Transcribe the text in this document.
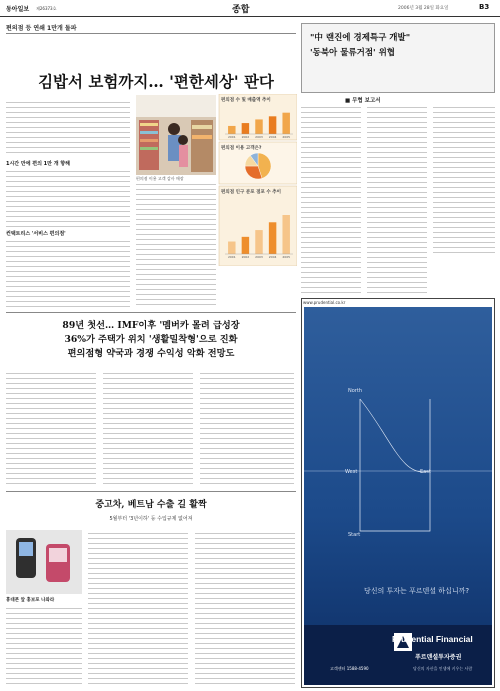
동아일보 제26373호	종합	2006년 3월 28일 화요일	B3
편의점 등 연쇄 1만개 돌파
김밥서 보험까지… '편한세상' 판다
1시간 만에 편의 1만 개 향해
컨택트리스 '서비스 편의점'
편의점 이용 고객 감사 매장
편의점 수 및 매출액 추이
2001 2002 2003 2004 2005
편의점 이용 고객은?
편의점 인구 분포 점포 수 추이
2001 2002 2003 2004 2005
"中 랜진에 경제특구 개발"
'동북아 물류거점' 위협
■ 무협 보고서
89년 첫선… IMF이후 '멤버카 몰려 급성장
36%가 주택가 위치 '생활밀착형'으로 진화
편의점형 약국과 경쟁 수익성 악화 전망도
중고차, 베트남 수출 길 활짝
5월부터 '3년이하' 등 수입규제 없어져
휴대폰 앞 홍보포 나와라
www.prudential.co.kr
North
East
West
Start
당신의 투자는 푸르덴셜 하십니까?
Prudential Financial
푸르덴셜투자증권
당신의 자산을 인생에 키우는 사람
고객센터 1588-4590
